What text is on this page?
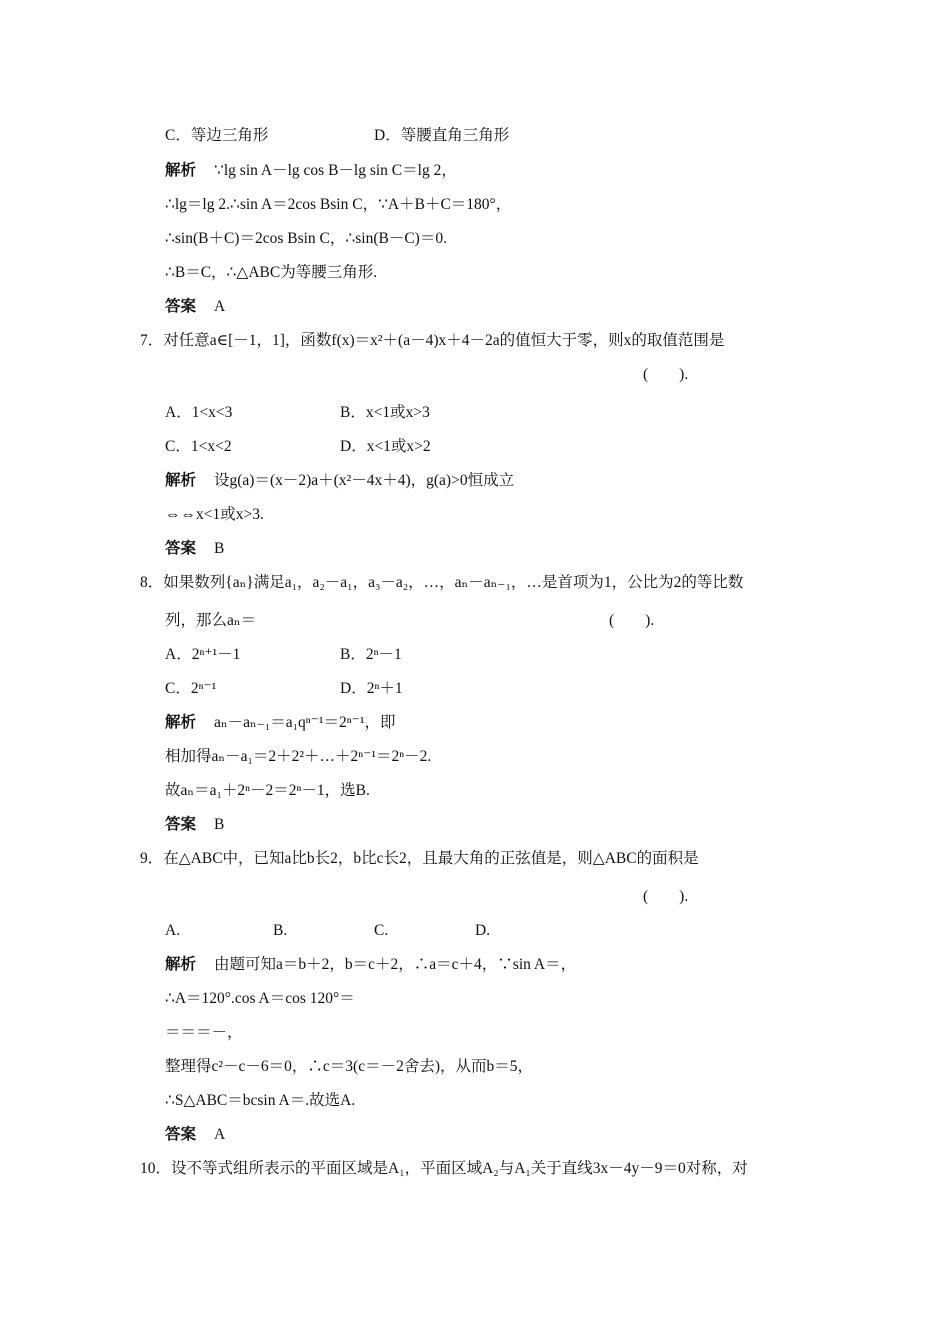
C．等边三角形	D．等腰直角三角形
解析 ∵lg sin A－lg cos B－lg sin C＝lg 2，
∴lg＝lg 2.∴sin A＝2cos Bsin C，∵A＋B＋C＝180°，
∴sin(B＋C)＝2cos Bsin C，∴sin(B－C)＝0.
∴B＝C，∴△ABC为等腰三角形.
答案 A
7．对任意a∈[－1，1]，函数f(x)＝x²＋(a－4)x＋4－2a的值恒大于零，则x的取值范围是
(　　).
A．1<x<3	B．x<1或x>3
C．1<x<2	D．x<1或x>2
解析 设g(a)＝(x－2)a＋(x²－4x＋4)，g(a)>0恒成立
⇔⇔x<1或x>3.
答案 B
8．如果数列{aₙ}满足a₁，a₂－a₁，a₃－a₂，…，aₙ－aₙ₋₁，…是首项为1，公比为2的等比数
列，那么aₙ＝	(　　).
A．2ⁿ⁺¹－1	B．2ⁿ－1
C．2ⁿ⁻¹	D．2ⁿ＋1
解析 aₙ－aₙ₋₁＝a₁qⁿ⁻¹＝2ⁿ⁻¹，即
相加得aₙ－a₁＝2＋2²＋…＋2ⁿ⁻¹＝2ⁿ－2.
故aₙ＝a₁＋2ⁿ－2＝2ⁿ－1，选B.
答案 B
9．在△ABC中，已知a比b长2，b比c长2，且最大角的正弦值是，则△ABC的面积是
(　　).
A.	B.	C.	D.
解析 由题可知a＝b＋2，b＝c＋2，∴a＝c＋4，∵sin A＝，
∴A＝120°.cos A＝cos 120°＝
＝＝＝－，
整理得c²－c－6＝0，∴c＝3(c＝－2舍去)，从而b＝5，
∴S△ABC＝bcsin A＝.故选A.
答案 A
10．设不等式组所表示的平面区域是A₁，平面区域A₂与A₁关于直线3x－4y－9＝0对称，对
